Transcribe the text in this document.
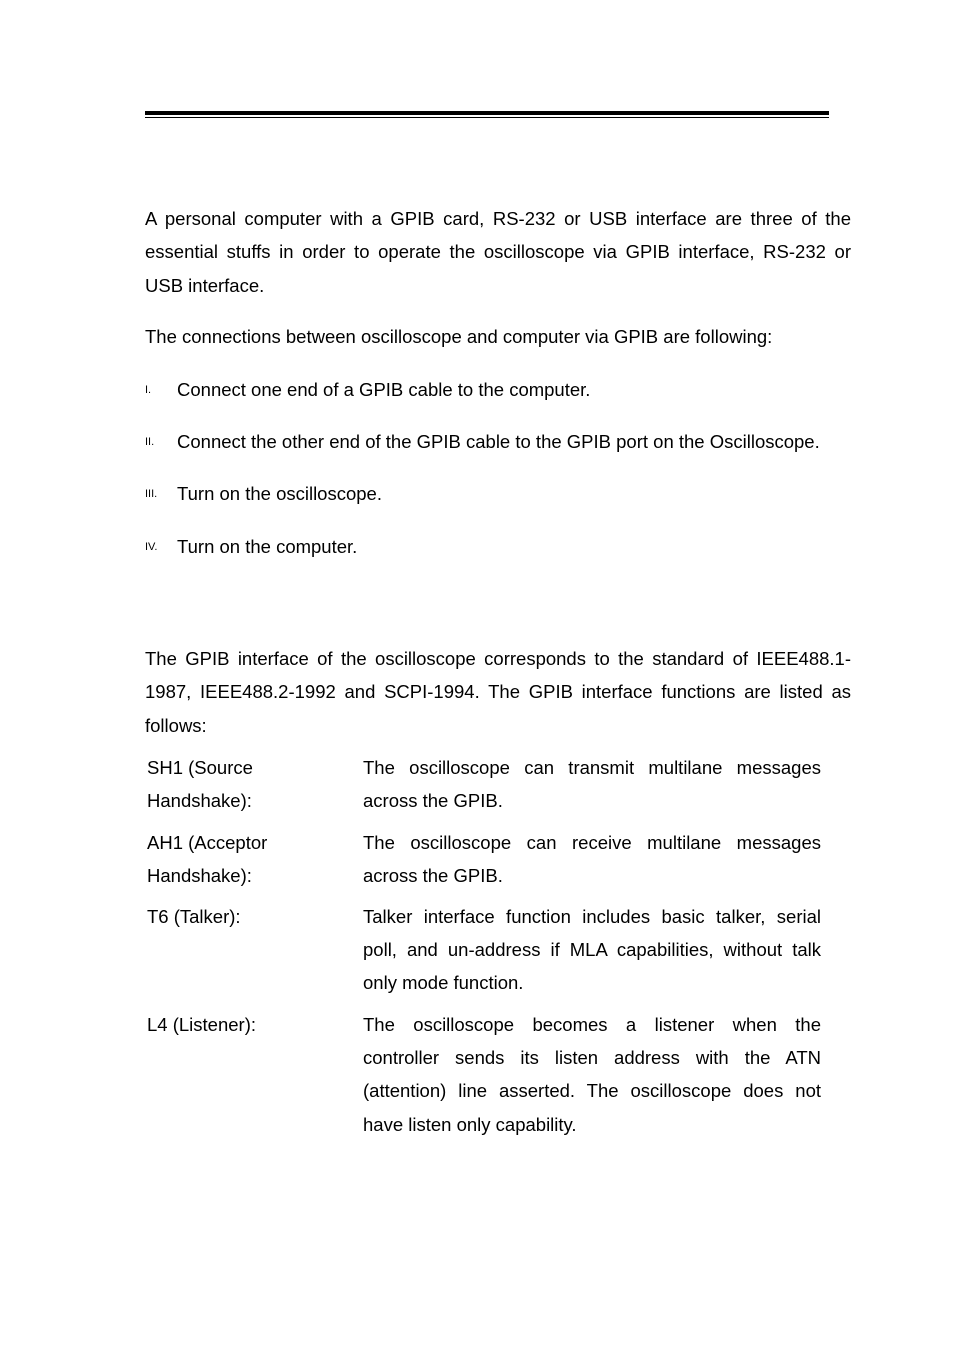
A personal computer with a GPIB card, RS-232 or USB interface are three of the essential stuffs in order to operate the oscilloscope via GPIB interface, RS-232 or USB interface.

The connections between oscilloscope and computer via GPIB are following:

I. Connect one end of a GPIB cable to the computer.
II. Connect the other end of the GPIB cable to the GPIB port on the Oscilloscope.
III. Turn on the oscilloscope.
IV. Turn on the computer.

The GPIB interface of the oscilloscope corresponds to the standard of IEEE488.1-1987, IEEE488.2-1992 and SCPI-1994. The GPIB interface functions are listed as follows:

SH1 (Source Handshake):

The oscilloscope can transmit multilane messages across the GPIB.

AH1 (Acceptor Handshake):

The oscilloscope can receive multilane messages across the GPIB.

T6 (Talker):	Talker interface function includes basic talker, serial poll, and un-address if MLA capabilities, without talk only mode function.

L4 (Listener):	The oscilloscope becomes a listener when the controller sends its listen address with the ATN (attention) line asserted. The oscilloscope does not have listen only capability.
